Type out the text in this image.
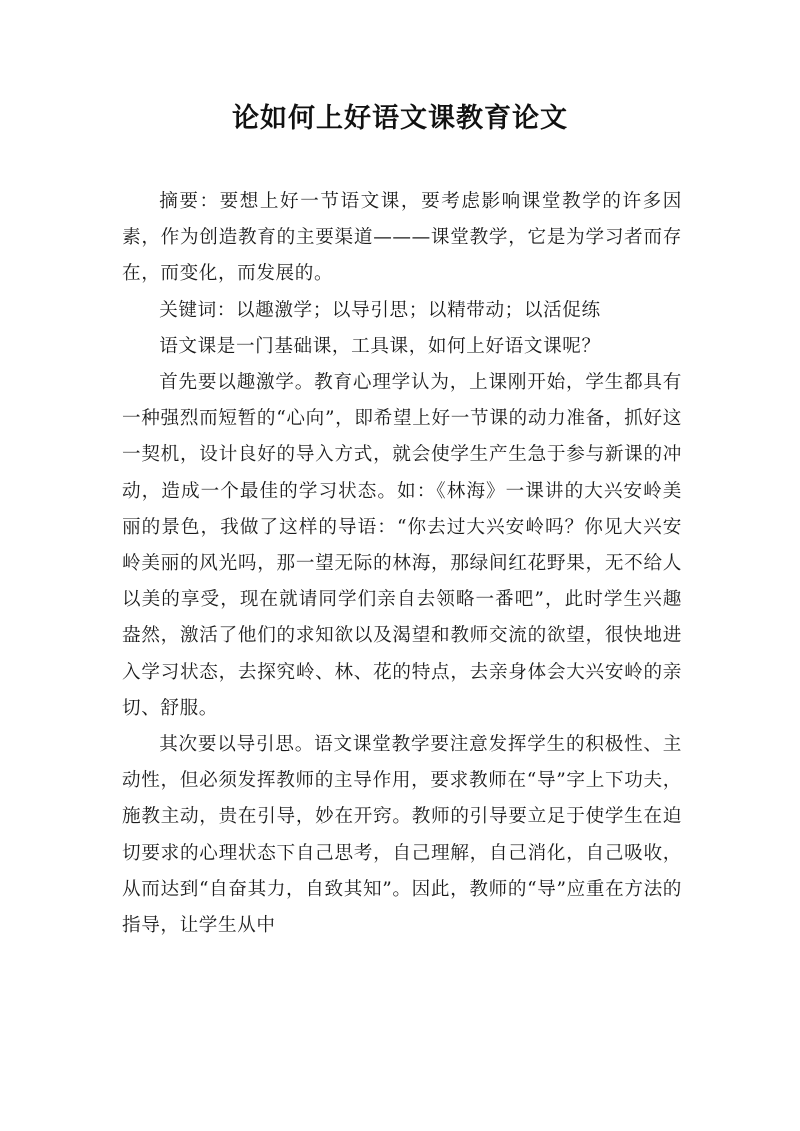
论如何上好语文课教育论文

摘要：要想上好一节语文课，要考虑影响课堂教学的许多因素，作为创造教育的主要渠道———课堂教学，它是为学习者而存在，而变化，而发展的。

关键词：以趣激学；以导引思；以精带动；以活促练

语文课是一门基础课，工具课，如何上好语文课呢？

首先要以趣激学。教育心理学认为，上课刚开始，学生都具有一种强烈而短暂的“心向”，即希望上好一节课的动力准备，抓好这一契机，设计良好的导入方式，就会使学生产生急于参与新课的冲动，造成一个最佳的学习状态。如：《林海》一课讲的大兴安岭美丽的景色，我做了这样的导语：“你去过大兴安岭吗？你见大兴安岭美丽的风光吗，那一望无际的林海，那绿间红花野果，无不给人以美的享受，现在就请同学们亲自去领略一番吧”，此时学生兴趣盎然，激活了他们的求知欲以及渴望和教师交流的欲望，很快地进入学习状态，去探究岭、林、花的特点，去亲身体会大兴安岭的亲切、舒服。

其次要以导引思。语文课堂教学要注意发挥学生的积极性、主动性，但必须发挥教师的主导作用，要求教师在“导”字上下功夫，施教主动，贵在引导，妙在开窍。教师的引导要立足于使学生在迫切要求的心理状态下自己思考，自己理解，自己消化，自己吸收，从而达到“自奋其力，自致其知”。因此，教师的“导”应重在方法的指导，让学生从中
